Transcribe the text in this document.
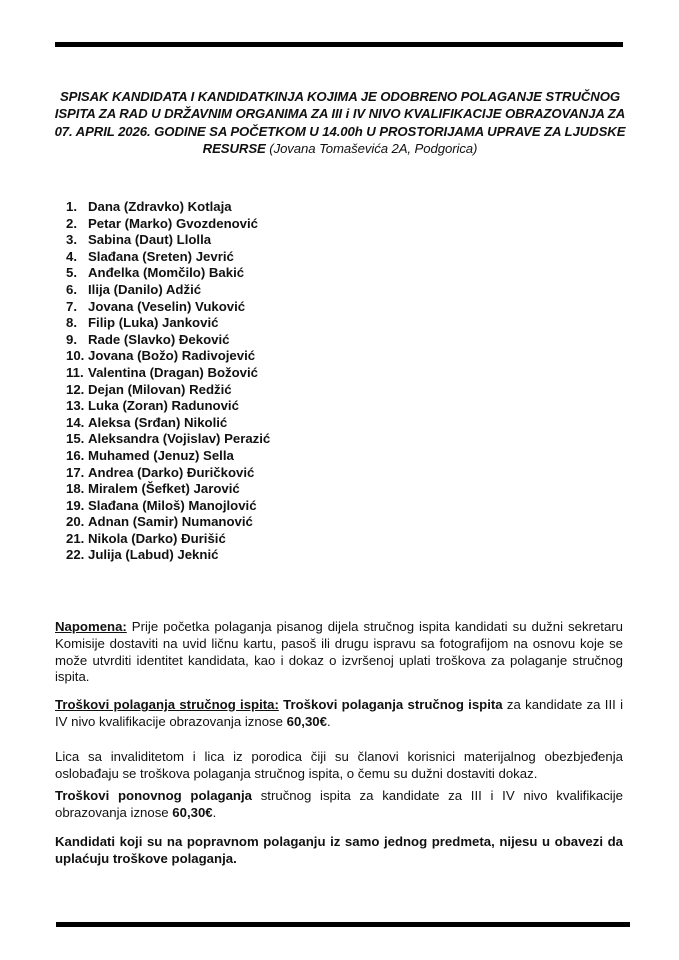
SPISAK KANDIDATA I KANDIDATKINJA KOJIMA JE ODOBRENO POLAGANJE STRUČNOG ISPITA ZA RAD U DRŽAVNIM ORGANIMA ZA III i IV NIVO KVALIFIKACIJE OBRAZOVANJA ZA 07. APRIL 2026. GODINE SA POČETKOM U 14.00h U PROSTORIJAMA UPRAVE ZA LJUDSKE RESURSE (Jovana Tomaševića 2A, Podgorica)
1. Dana (Zdravko) Kotlaja
2. Petar (Marko) Gvozdenović
3. Sabina (Daut) Llolla
4. Slađana (Sreten) Jevrić
5. Anđelka (Momčilo) Bakić
6. Ilija (Danilo) Adžić
7. Jovana (Veselin) Vuković
8. Filip (Luka) Janković
9. Rade (Slavko) Đeković
10. Jovana (Božo) Radivojević
11. Valentina (Dragan) Božović
12. Dejan (Milovan) Redžić
13. Luka (Zoran) Radunović
14. Aleksa (Srđan) Nikolić
15. Aleksandra (Vojislav) Perazić
16. Muhamed (Jenuz) Sella
17. Andrea (Darko) Đuričković
18. Miralem (Šefket) Jarović
19. Slađana (Miloš) Manojlović
20. Adnan (Samir) Numanović
21. Nikola (Darko) Đurišić
22. Julija (Labud) Jeknić

Napomena: Prije početka polaganja pisanog dijela stručnog ispita kandidati su dužni sekretaru Komisije dostaviti na uvid ličnu kartu, pasoš ili drugu ispravu sa fotografijom na osnovu koje se može utvrditi identitet kandidata, kao i dokaz o izvršenoj uplati troškova za polaganje stručnog ispita.

Troškovi polaganja stručnog ispita: Troškovi polaganja stručnog ispita za kandidate za III i IV nivo kvalifikacije obrazovanja iznose 60,30€.

Lica sa invaliditetom i lica iz porodica čiji su članovi korisnici materijalnog obezbjeđenja oslobađaju se troškova polaganja stručnog ispita, o čemu su dužni dostaviti dokaz.

Troškovi ponovnog polaganja stručnog ispita za kandidate za III i IV nivo kvalifikacije obrazovanja iznose 60,30€.

Kandidati koji su na popravnom polaganju iz samo jednog predmeta, nijesu u obavezi da uplaćuju troškove polaganja.
